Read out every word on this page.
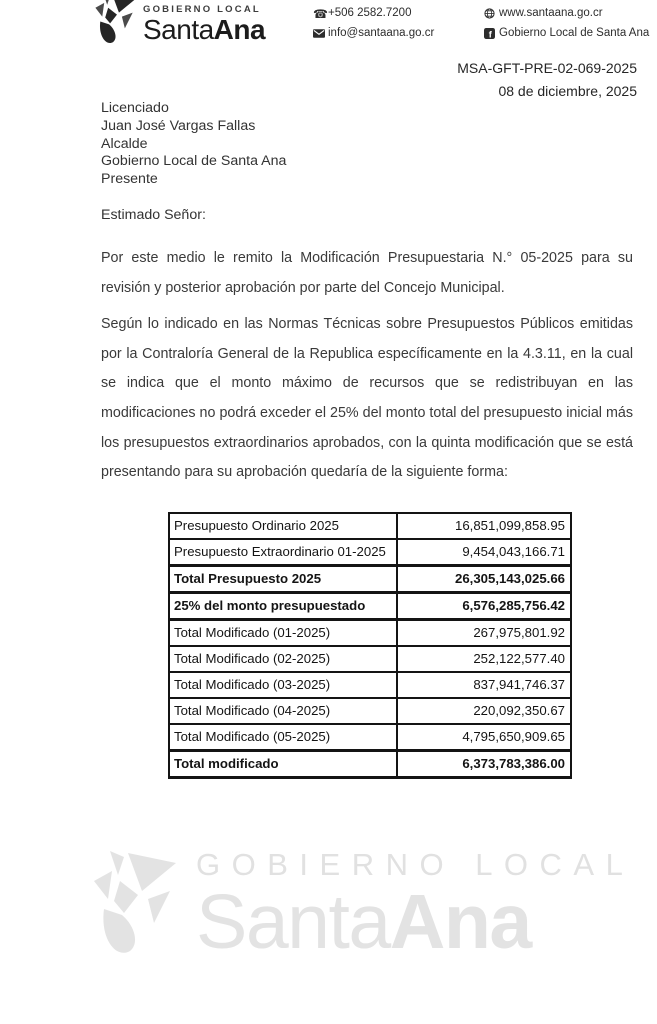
GOBIERNO LOCAL
SantaAna
☎ +506 2582.7200
info@santaana.go.cr
www.santaana.go.cr
f Gobierno Local de Santa Ana
MSA-GFT-PRE-02-069-2025
08 de diciembre, 2025
Licenciado
Juan José Vargas Fallas
Alcalde
Gobierno Local de Santa Ana
Presente
Estimado Señor:

Por este medio le remito la Modificación Presupuestaria N.° 05-2025 para su revisión y posterior aprobación por parte del Concejo Municipal.

Según lo indicado en las Normas Técnicas sobre Presupuestos Públicos emitidas por la Contraloría General de la Republica específicamente en la 4.3.11, en la cual se indica que el monto máximo de recursos que se redistribuyan en las modificaciones no podrá exceder el 25% del monto total del presupuesto inicial más los presupuestos extraordinarios aprobados, con la quinta modificación que se está presentando para su aprobación quedaría de la siguiente forma:

Presupuesto Ordinario 2025	16,851,099,858.95
Presupuesto Extraordinario 01-2025	9,454,043,166.71
Total Presupuesto 2025	26,305,143,025.66
25% del monto presupuestado	6,576,285,756.42
Total Modificado (01-2025)	267,975,801.92
Total Modificado (02-2025)	252,122,577.40
Total Modificado (03-2025)	837,941,746.37
Total Modificado (04-2025)	220,092,350.67
Total Modificado (05-2025)	4,795,650,909.65
Total modificado	6,373,783,386.00
GOBIERNO LOCAL
SantaAna
